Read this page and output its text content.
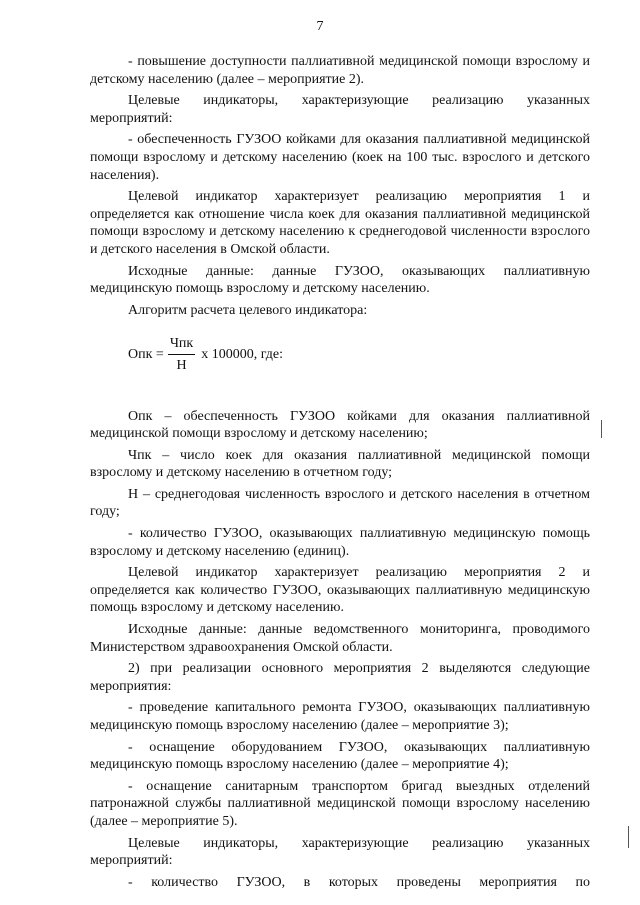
7

- повышение доступности паллиативной медицинской помощи взрослому и детскому населению (далее – мероприятие 2).

Целевые индикаторы, характеризующие реализацию указанных мероприятий:

- обеспеченность ГУЗОО койками для оказания паллиативной медицинской помощи взрослому и детскому населению (коек на 100 тыс. взрослого и детского населения).

Целевой индикатор характеризует реализацию мероприятия 1 и определяется как отношение числа коек для оказания паллиативной медицинской помощи взрослому и детскому населению к среднегодовой численности взрослого и детского населения в Омской области.

Исходные данные: данные ГУЗОО, оказывающих паллиативную медицинскую помощь взрослому и детскому населению.

Алгоритм расчета целевого индикатора:

Опк = $\frac{\text{Чпк}}{Н}$ x 100000, где:

Опк – обеспеченность ГУЗОО койками для оказания паллиативной медицинской помощи взрослому и детскому населению;

Чпк – число коек для оказания паллиативной медицинской помощи взрослому и детскому населению в отчетном году;

Н – среднегодовая численность взрослого и детского населения в отчетном году;

- количество ГУЗОО, оказывающих паллиативную медицинскую помощь взрослому и детскому населению (единиц).

Целевой индикатор характеризует реализацию мероприятия 2 и определяется как количество ГУЗОО, оказывающих паллиативную медицинскую помощь взрослому и детскому населению.

Исходные данные: данные ведомственного мониторинга, проводимого Министерством здравоохранения Омской области.

2) при реализации основного мероприятия 2 выделяются следующие мероприятия:

- проведение капитального ремонта ГУЗОО, оказывающих паллиативную медицинскую помощь взрослому населению (далее – мероприятие 3);

- оснащение оборудованием ГУЗОО, оказывающих паллиативную медицинскую помощь взрослому населению (далее – мероприятие 4);

- оснащение санитарным транспортом бригад выездных отделений патронажной службы паллиативной медицинской помощи взрослому населению (далее – мероприятие 5).

Целевые индикаторы, характеризующие реализацию указанных мероприятий:

- количество ГУЗОО, в которых проведены мероприятия по
